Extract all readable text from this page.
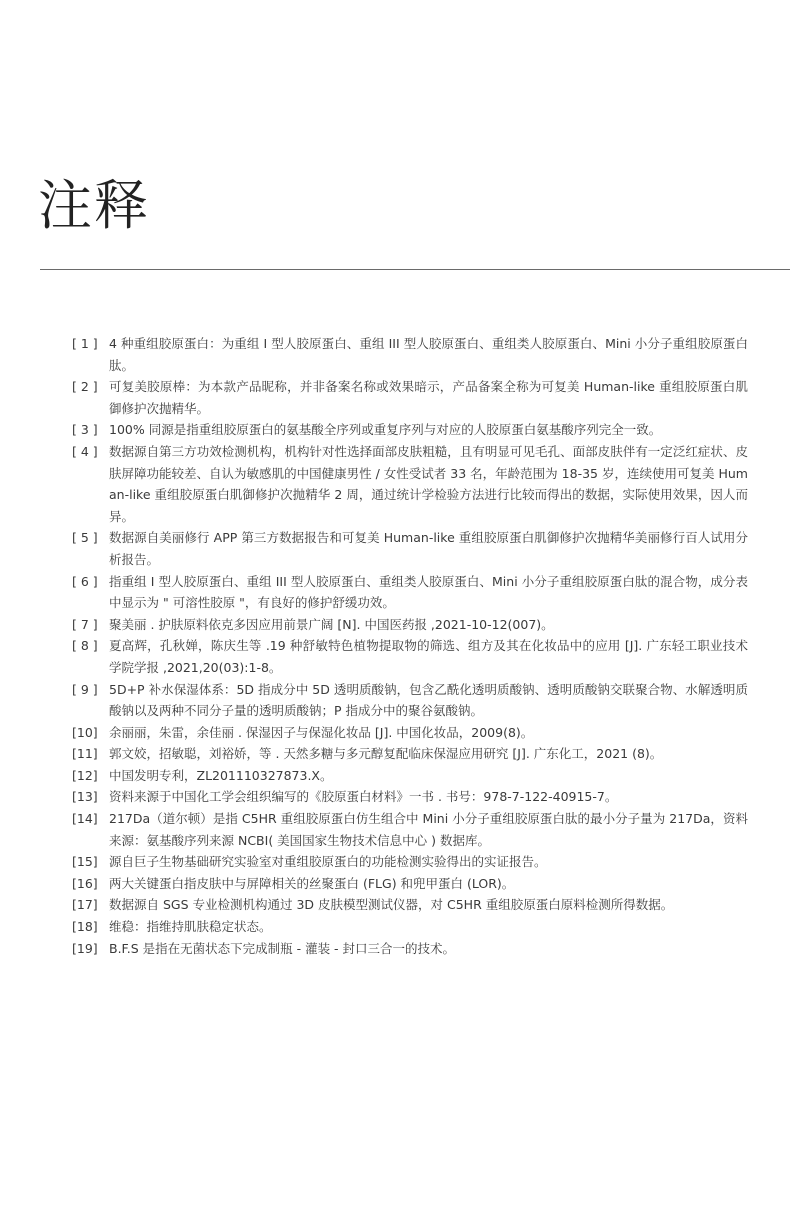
注释
[ 1 ] 4 种重组胶原蛋白：为重组 I 型人胶原蛋白、重组 III 型人胶原蛋白、重组类人胶原蛋白、Mini 小分子重组胶原蛋白肽。
[ 2 ] 可复美胶原棒：为本款产品昵称，并非备案名称或效果暗示，产品备案全称为可复美 Human-like 重组胶原蛋白肌御修护次抛精华。
[ 3 ] 100% 同源是指重组胶原蛋白的氨基酸全序列或重复序列与对应的人胶原蛋白氨基酸序列完全一致。
[ 4 ] 数据源自第三方功效检测机构，机构针对性选择面部皮肤粗糙，且有明显可见毛孔、面部皮肤伴有一定泛红症状、皮肤屏障功能较差、自认为敏感肌的中国健康男性 / 女性受试者 33 名，年龄范围为 18-35 岁，连续使用可复美 Human-like 重组胶原蛋白肌御修护次抛精华 2 周，通过统计学检验方法进行比较而得出的数据，实际使用效果，因人而异。
[ 5 ] 数据源自美丽修行 APP 第三方数据报告和可复美 Human-like 重组胶原蛋白肌御修护次抛精华美丽修行百人试用分析报告。
[ 6 ] 指重组 I 型人胶原蛋白、重组 III 型人胶原蛋白、重组类人胶原蛋白、Mini 小分子重组胶原蛋白肽的混合物，成分表中显示为 " 可溶性胶原 "，有良好的修护舒缓功效。
[ 7 ] 聚美丽 . 护肤原料依克多因应用前景广阔 [N]. 中国医药报 ,2021-10-12(007)。
[ 8 ] 夏高辉，孔秋婵，陈庆生等 .19 种舒敏特色植物提取物的筛选、组方及其在化妆品中的应用 [J]. 广东轻工职业技术学院学报 ,2021,20(03):1-8。
[ 9 ] 5D+P 补水保湿体系：5D 指成分中 5D 透明质酸钠，包含乙酰化透明质酸钠、透明质酸钠交联聚合物、水解透明质酸钠以及两种不同分子量的透明质酸钠；P 指成分中的聚谷氨酸钠。
[10] 余丽丽，朱雷，余佳丽 . 保湿因子与保湿化妆品 [J]. 中国化妆品，2009(8)。
[11] 郭文姣，招敏聪，刘裕娇，等 . 天然多糖与多元醇复配临床保湿应用研究 [J]. 广东化工，2021 (8)。
[12] 中国发明专利，ZL201110327873.X。
[13] 资料来源于中国化工学会组织编写的《胶原蛋白材料》一书 . 书号：978-7-122-40915-7。
[14] 217Da（道尔顿）是指 C5HR 重组胶原蛋白仿生组合中 Mini 小分子重组胶原蛋白肽的最小分子量为 217Da，资料来源：氨基酸序列来源 NCBI( 美国国家生物技术信息中心 ) 数据库。
[15] 源自巨子生物基础研究实验室对重组胶原蛋白的功能检测实验得出的实证报告。
[16] 两大关键蛋白指皮肤中与屏障相关的丝聚蛋白 (FLG) 和兜甲蛋白 (LOR)。
[17] 数据源自 SGS 专业检测机构通过 3D 皮肤模型测试仪器，对 C5HR 重组胶原蛋白原料检测所得数据。
[18] 维稳：指维持肌肤稳定状态。
[19] B.F.S 是指在无菌状态下完成制瓶 - 灌装 - 封口三合一的技术。
